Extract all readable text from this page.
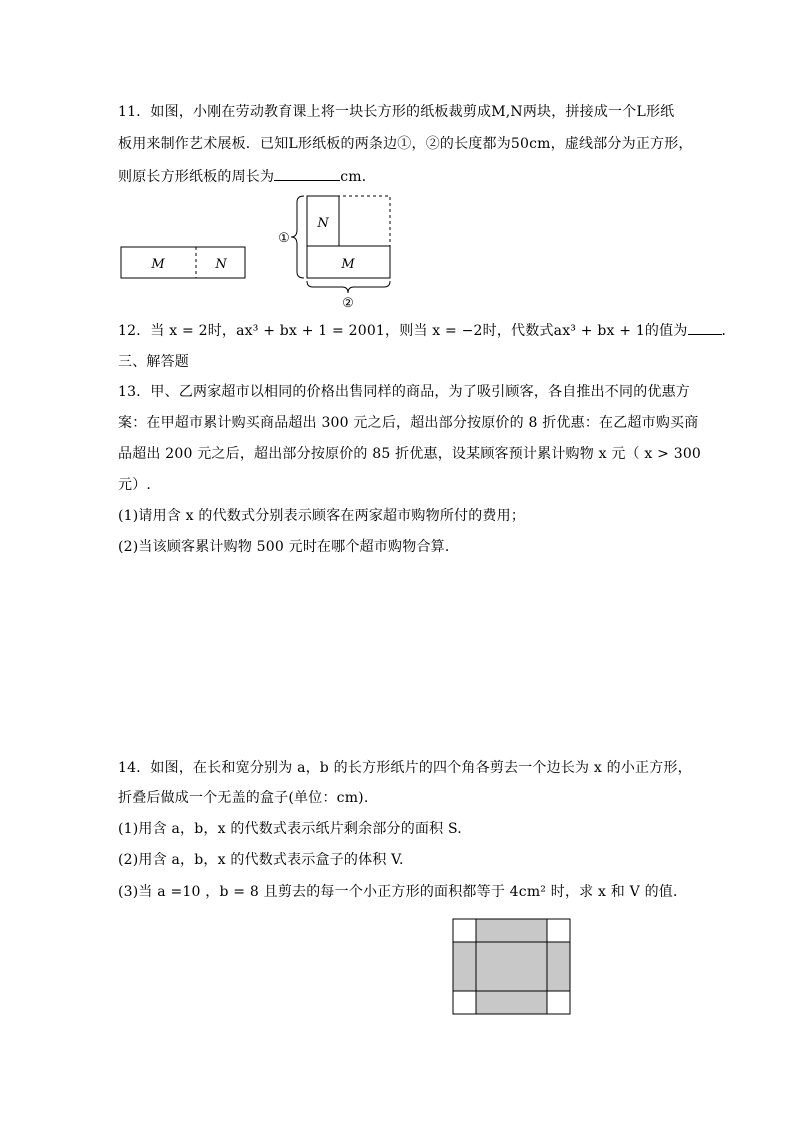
11．如图，小刚在劳动教育课上将一块长方形的纸板裁剪成M,N两块，拼接成一个L形纸
板用来制作艺术展板．已知L形纸板的两条边①，②的长度都为50cm，虚线部分为正方形，
则原长方形纸板的周长为	cm．
M	N
N
M
①
②
12．当 x = 2时，ax³ + bx + 1 = 2001，则当 x = −2时，代数式ax³ + bx + 1的值为 ．
三、解答题
13．甲、乙两家超市以相同的价格出售同样的商品，为了吸引顾客，各自推出不同的优惠方
案：在甲超市累计购买商品超出 300 元之后，超出部分按原价的 8 折优惠：在乙超市购买商
品超出 200 元之后，超出部分按原价的 85 折优惠，设某顾客预计累计购物 x 元（ x > 300
元）.
(1)请用含 x 的代数式分别表示顾客在两家超市购物所付的费用；
(2)当该顾客累计购物 500 元时在哪个超市购物合算．
14．如图，在长和宽分别为 a，b 的长方形纸片的四个角各剪去一个边长为 x 的小正方形，
折叠后做成一个无盖的盒子(单位：cm).
(1)用含 a，b，x 的代数式表示纸片剩余部分的面积 S.
(2)用含 a，b，x 的代数式表示盒子的体积 V.
(3)当 a =10 ，b = 8 且剪去的每一个小正方形的面积都等于 4cm² 时，求 x 和 V 的值．
